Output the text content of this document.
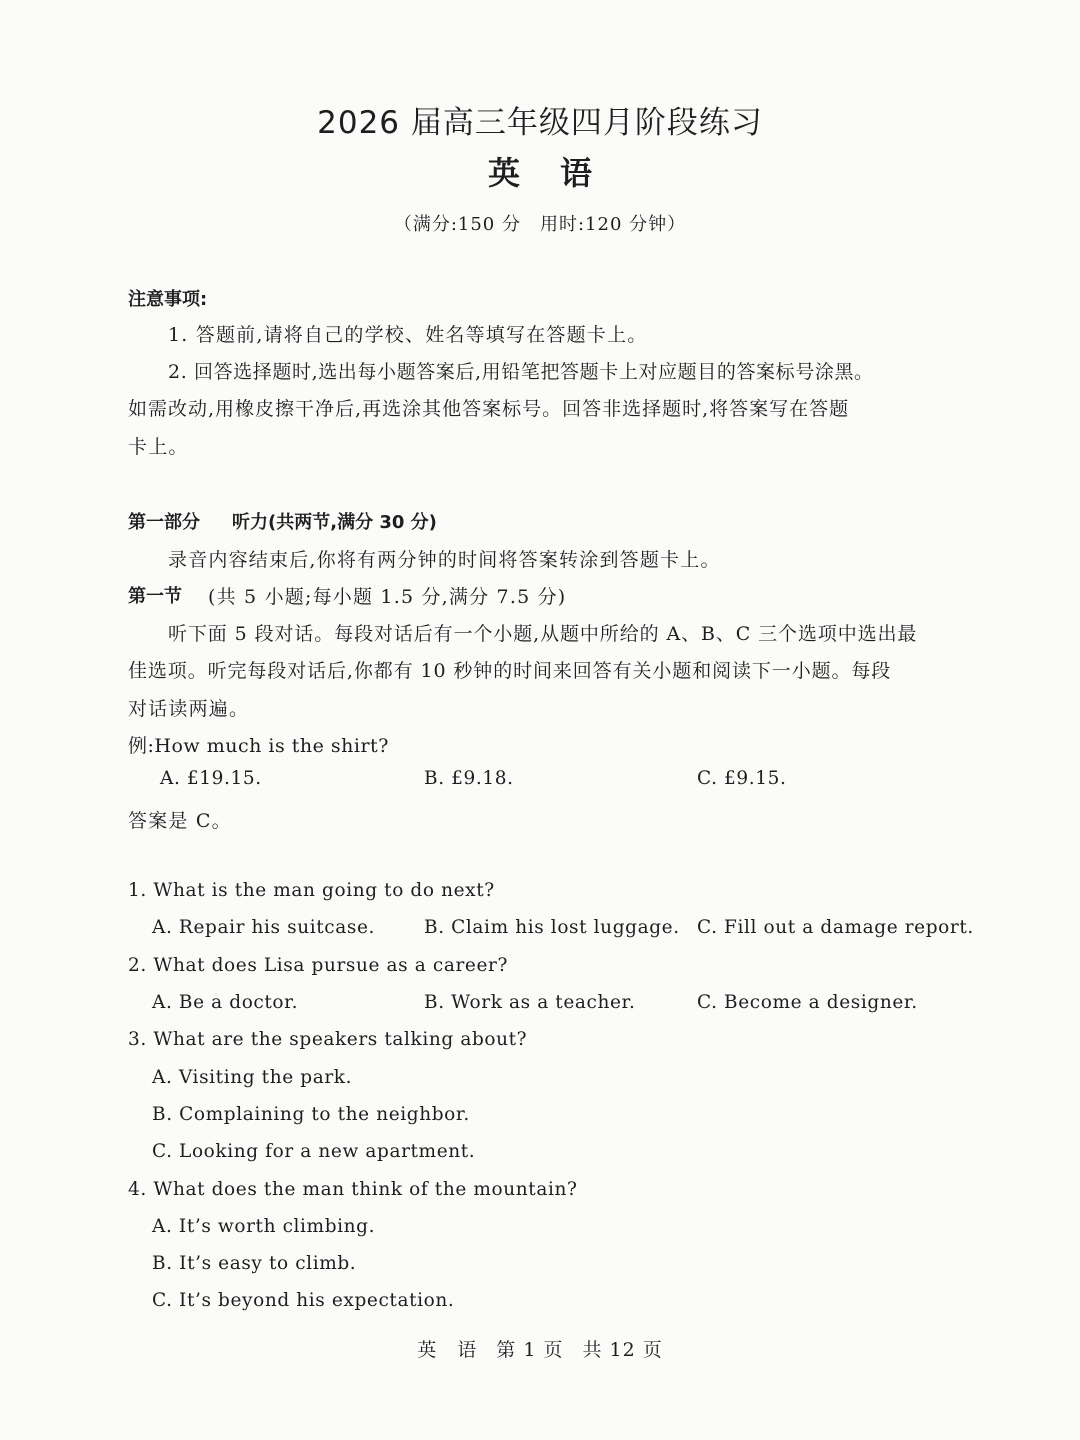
2026 届高三年级四月阶段练习
英语
（满分:150 分　用时:120 分钟）
注意事项:
1. 答题前,请将自己的学校、姓名等填写在答题卡上。
2. 回答选择题时,选出每小题答案后,用铅笔把答题卡上对应题目的答案标号涂黑。
如需改动,用橡皮擦干净后,再选涂其他答案标号。回答非选择题时,将答案写在答题
卡上。
第一部分 听力(共两节,满分 30 分)
录音内容结束后,你将有两分钟的时间将答案转涂到答题卡上。
第一节 (共 5 小题;每小题 1.5 分,满分 7.5 分)
听下面 5 段对话。每段对话后有一个小题,从题中所给的 A、B、C 三个选项中选出最
佳选项。听完每段对话后,你都有 10 秒钟的时间来回答有关小题和阅读下一小题。每段
对话读两遍。
例:How much is the shirt?
A. £19.15.	B. £9.18.	C. £9.15.
答案是 C。
1. What is the man going to do next?
A. Repair his suitcase.	B. Claim his lost luggage. C. Fill out a damage report.
2. What does Lisa pursue as a career?
A. Be a doctor.	B. Work as a teacher.	C. Become a designer.
3. What are the speakers talking about?
A. Visiting the park.
B. Complaining to the neighbor.
C. Looking for a new apartment.
4. What does the man think of the mountain?
A. It’s worth climbing.
B. It’s easy to climb.
C. It’s beyond his expectation.
英　语 第 1 页 共 12 页
